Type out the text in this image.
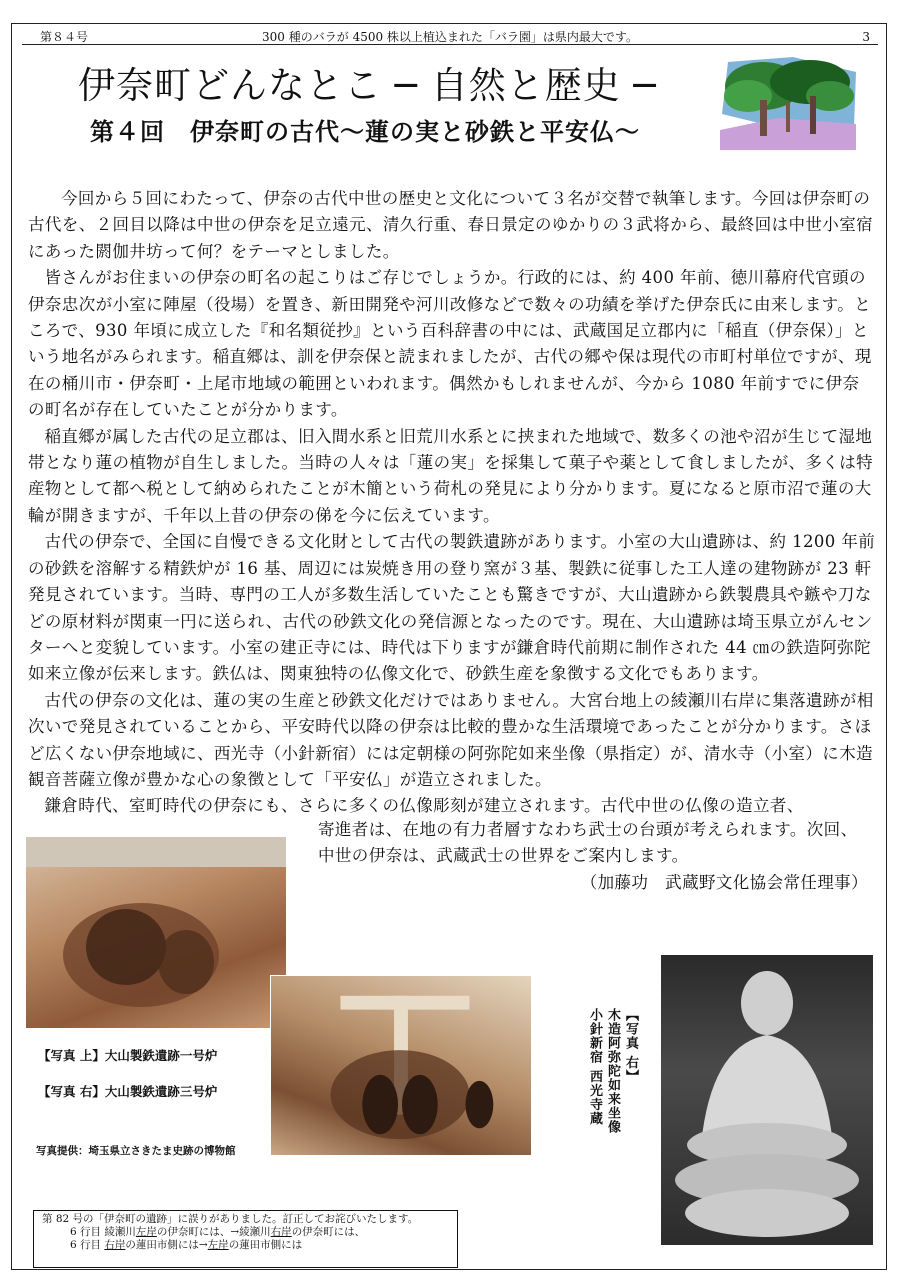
300 種のバラが 4500 株以上植込まれた「バラ園」は県内最大です。
第８４号	3
伊奈町どんなとこ ─ 自然と歴史 ─
第４回　伊奈町の古代～蓮の実と砂鉄と平安仏～

今回から５回にわたって、伊奈の古代中世の歴史と文化について３名が交替で執筆します。今回は伊奈町の古代を、２回目以降は中世の伊奈を足立遠元、清久行重、春日景定のゆかりの３武将から、最終回は中世小室宿にあった閼伽井坊って何？をテーマとしました。

皆さんがお住まいの伊奈の町名の起こりはご存じでしょうか。行政的には、約 400 年前、徳川幕府代官頭の伊奈忠次が小室に陣屋（役場）を置き、新田開発や河川改修などで数々の功績を挙げた伊奈氏に由来します。ところで、930 年頃に成立した『和名類従抄』という百科辞書の中には、武蔵国足立郡内に「稲直（伊奈保）」という地名がみられます。稲直郷は、訓を伊奈保と読まれましたが、古代の郷や保は現代の市町村単位ですが、現在の桶川市・伊奈町・上尾市地域の範囲といわれます。偶然かもしれませんが、今から 1080 年前すでに伊奈の町名が存在していたことが分かります。

稲直郷が属した古代の足立郡は、旧入間水系と旧荒川水系とに挟まれた地域で、数多くの池や沼が生じて湿地帯となり蓮の植物が自生しました。当時の人々は「蓮の実」を採集して菓子や薬として食しましたが、多くは特産物として都へ税として納められたことが木簡という荷札の発見により分かります。夏になると原市沼で蓮の大輪が開きますが、千年以上昔の伊奈の俤を今に伝えています。

古代の伊奈で、全国に自慢できる文化財として古代の製鉄遺跡があります。小室の大山遺跡は、約 1200 年前の砂鉄を溶解する精鉄炉が 16 基、周辺には炭焼き用の登り窯が３基、製鉄に従事した工人達の建物跡が 23 軒発見されています。当時、専門の工人が多数生活していたことも驚きですが、大山遺跡から鉄製農具や鏃や刀などの原材料が関東一円に送られ、古代の砂鉄文化の発信源となったのです。現在、大山遺跡は埼玉県立がんセンターへと変貌しています。小室の建正寺には、時代は下りますが鎌倉時代前期に制作された 44 ㎝の鉄造阿弥陀如来立像が伝来します。鉄仏は、関東独特の仏像文化で、砂鉄生産を象徴する文化でもあります。

古代の伊奈の文化は、蓮の実の生産と砂鉄文化だけではありません。大宮台地上の綾瀬川右岸に集落遺跡が相次いで発見されていることから、平安時代以降の伊奈は比較的豊かな生活環境であったことが分かります。さほど広くない伊奈地域に、西光寺（小針新宿）には定朝様の阿弥陀如来坐像（県指定）が、清水寺（小室）に木造観音菩薩立像が豊かな心の象徴として「平安仏」が造立されました。

鎌倉時代、室町時代の伊奈にも、さらに多くの仏像彫刻が建立されます。古代中世の仏像の造立者、

寄進者は、在地の有力者層すなわち武士の台頭が考えられます。次回、中世の伊奈は、武蔵武士の世界をご案内します。

（加藤功　武蔵野文化協会常任理事）

【写真 上】大山製鉄遺跡一号炉
【写真 右】大山製鉄遺跡三号炉
写真提供：埼玉県立さきたま史跡の博物館
【写真 右】
木造阿弥陀如来坐像
小針新宿 西光寺蔵
第 82 号の「伊奈町の遺跡」に誤りがありました。訂正してお詫びいたします。
6 行目 綾瀬川左岸の伊奈町には、→綾瀬川右岸の伊奈町には、
6 行目 右岸の蓮田市側には→左岸の蓮田市側には
